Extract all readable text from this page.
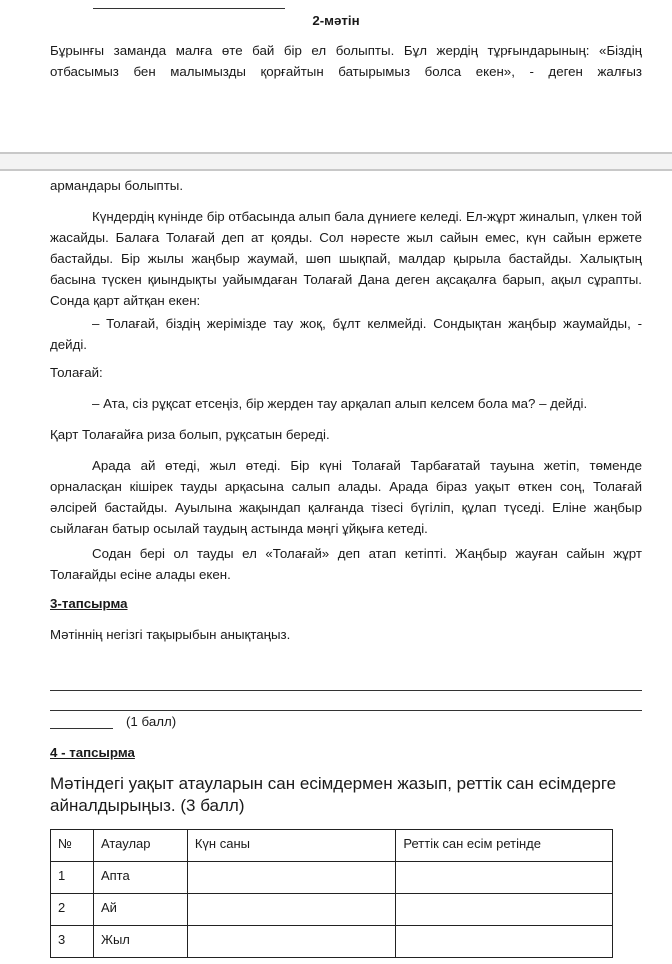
2-мәтін
Бұрынғы заманда малға өте бай бір ел болыпты. Бұл жердің тұрғындарының: «Біздің отбасымыз бен малымызды қорғайтын батырымыз болса екен», - деген жалғыз
армандары болыпты.
Күндердің күнінде бір отбасында алып бала дүниеге келеді. Ел-жұрт жиналып, үлкен той жасайды. Балаға Толағай деп ат қояды. Сол нәресте жыл сайын емес, күн сайын ержете бастайды. Бір жылы жаңбыр жаумай, шөп шықпай, малдар қырыла бастайды. Халықтың басына түскен қиындықты уайымдаған Толағай Дана деген ақсақалға барып, ақыл сұрапты. Сонда қарт айтқан екен:
– Толағай, біздің жерімізде тау жоқ, бұлт келмейді. Сондықтан жаңбыр жаумайды, - дейді.
Толағай:
– Ата, сіз рұқсат етсеңіз, бір жерден тау арқалап алып келсем бола ма? – дейді.
Қарт Толағайға риза болып, рұқсатын береді.
Арада ай өтеді, жыл өтеді. Бір күні Толағай Тарбағатай тауына жетіп, төменде орналасқан кішірек тауды арқасына салып алады. Арада біраз уақыт өткен соң, Толағай әлсірей бастайды. Ауылына жақындап қалғанда тізесі бүгіліп, құлап түседі. Еліне жаңбыр сыйлаған батыр осылай таудың астында мәңгі ұйқыға кетеді.
Содан бері ол тауды ел «Толағай» деп атап кетіпті. Жаңбыр жауған сайын жұрт Толағайды есіне алады екен.
3-тапсырма
Мәтіннің негізгі тақырыбын анықтаңыз.
(1 балл)
4 - тапсырма
Мәтіндегі уақыт атауларын сан есімдермен жазып, реттік сан есімдерге айналдырыңыз. (3 балл)
№	Атаулар	Күн саны	Реттік сан есім ретінде
1	Апта		
2	Ай		
3	Жыл		
